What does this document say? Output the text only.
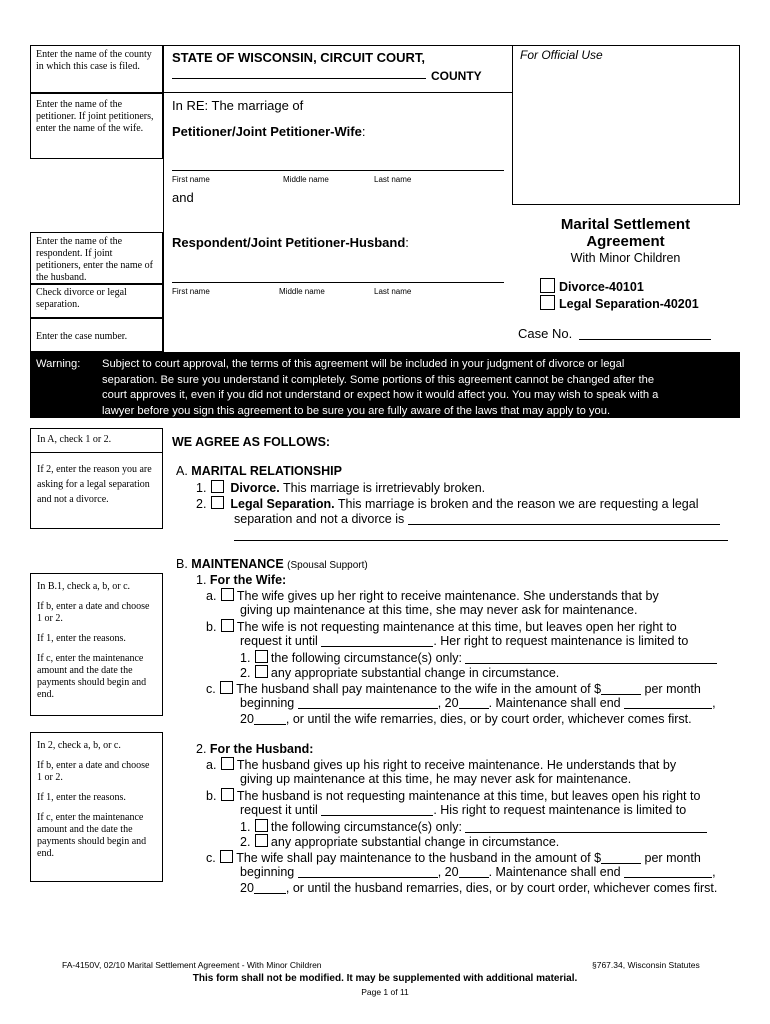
Enter the name of the county in which this case is filed.
Enter the name of the petitioner. If joint petitioners, enter the name of the wife.
Enter the name of the respondent. If joint petitioners, enter the name of the husband.
Check divorce or legal separation.
Enter the case number.
STATE OF WISCONSIN, CIRCUIT COURT,
COUNTY
For Official Use
In RE: The marriage of
Petitioner/Joint Petitioner-Wife:
First name	Middle name	Last name
and
Respondent/Joint Petitioner-Husband:
First name	Middle name	Last name
Marital Settlement
Agreement
With Minor Children
Divorce-40101
Legal Separation-40201
Case No.
Warning: Subject to court approval, the terms of this agreement will be included in your judgment of divorce or legal
separation. Be sure you understand it completely. Some portions of this agreement cannot be changed after the
court approves it, even if you did not understand or expect how it would affect you. You may wish to speak with a
lawyer before you sign this agreement to be sure you are fully aware of the laws that may apply to you.

In A, check 1 or 2.

If 2, enter the reason you are asking for a legal separation and not a divorce.

In B.1, check a, b, or c.

If b, enter a date and choose 1 or 2.

If 1, enter the reasons.

If c, enter the maintenance amount and the date the payments should begin and end.

In 2, check a, b, or c.

If b, enter a date and choose 1 or 2.

If 1, enter the reasons.

If c, enter the maintenance amount and the date the payments should begin and end.

WE AGREE AS FOLLOWS:
A. MARITAL RELATIONSHIP
1. Divorce. This marriage is irretrievably broken.
2. Legal Separation. This marriage is broken and the reason we are requesting a legal
separation and not a divorce is
B. MAINTENANCE (Spousal Support)
1. For the Wife:
a. The wife gives up her right to receive maintenance. She understands that by
giving up maintenance at this time, she may never ask for maintenance.
b. The wife is not requesting maintenance at this time, but leaves open her right to
request it until	. Her right to request maintenance is limited to
1. the following circumstance(s) only:
2. any appropriate substantial change in circumstance.
c. The husband shall pay maintenance to the wife in the amount of $	per month
beginning	, 20 . Maintenance shall end	,
20	, or until the wife remarries, dies, or by court order, whichever comes first.
2. For the Husband:
a. The husband gives up his right to receive maintenance. He understands that by
giving up maintenance at this time, he may never ask for maintenance.
b. The husband is not requesting maintenance at this time, but leaves open his right to
request it until	. His right to request maintenance is limited to
1. the following circumstance(s) only:
2. any appropriate substantial change in circumstance.
c. The wife shall pay maintenance to the husband in the amount of $	per month
beginning	, 20 . Maintenance shall end	,
20	, or until the husband remarries, dies, or by court order, whichever comes first.
FA-4150V, 02/10 Marital Settlement Agreement - With Minor Children	§767.34, Wisconsin Statutes
This form shall not be modified. It may be supplemented with additional material.
Page 1 of 11
